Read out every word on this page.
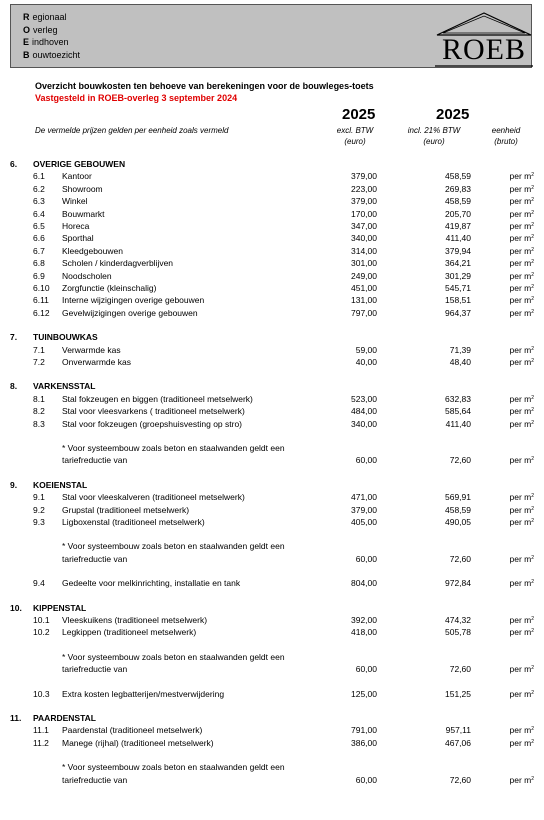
R egionaal
O verleg
E indhoven
B ouwtoezicht	ROEB
Overzicht bouwkosten ten behoeve van berekeningen voor de bouwleges-toets
Vastgesteld in ROEB-overleg 3 september 2024
2025	2025
excl. BTW
(euro)
incl. 21% BTW
(euro)
eenheid
(bruto)
De vermelde prijzen gelden per eenheid zoals vermeld
6. OVERIGE GEBOUWEN
6.1 Kantoor	379,00	458,59	per $m^2$
6.2 Showroom	223,00	269,83	per $m^2$
6.3 Winkel	379,00	458,59	per $m^2$
6.4 Bouwmarkt	170,00	205,70	per $m^2$
6.5 Horeca	347,00	419,87	per $m^2$
6.6 Sporthal	340,00	411,40	per $m^2$
6.7 Kleedgebouwen	314,00	379,94	per $m^2$
6.8 Scholen / kinderdagverblijven	301,00	364,21	per $m^2$
6.9 Noodscholen	249,00	301,29	per $m^2$
6.10 Zorgfunctie (kleinschalig)	451,00	545,71	per $m^2$
6.11 Interne wijzigingen overige gebouwen	131,00	158,51	per $m^2$
6.12 Gevelwijzigingen overige gebouwen	797,00	964,37	per $m^2$
7. TUINBOUWKAS
7.1 Verwarmde kas	59,00	71,39	per $m^2$
7.2 Onverwarmde kas	40,00	48,40	per $m^2$
8. VARKENSSTAL
8.1 Stal fokzeugen en biggen (traditioneel metselwerk)	523,00	632,83	per $m^2$
8.2 Stal voor vleesvarkens ( traditioneel metselwerk)	484,00	585,64	per $m^2$
8.3 Stal voor fokzeugen (groepshuisvesting op stro)	340,00	411,40	per $m^2$
* Voor systeembouw zoals beton en staalwanden geldt een
tariefreductie van	60,00	72,60	per $m^2$
9. KOEIENSTAL
9.1 Stal voor vleeskalveren (traditioneel metselwerk)	471,00	569,91	per $m^2$
9.2 Grupstal (traditioneel metselwerk)	379,00	458,59	per $m^2$
9.3 Ligboxenstal (traditioneel metselwerk)	405,00	490,05	per $m^2$
* Voor systeembouw zoals beton en staalwanden geldt een
tariefreductie van	60,00	72,60	per $m^2$
9.4 Gedeelte voor melkinrichting, installatie en tank	804,00	972,84	per $m^2$
10. KIPPENSTAL
10.1 Vleeskuikens (traditioneel metselwerk)	392,00	474,32	per $m^2$
10.2 Legkippen (traditioneel metselwerk)	418,00	505,78	per $m^2$
* Voor systeembouw zoals beton en staalwanden geldt een
tariefreductie van	60,00	72,60	per $m^2$
10.3 Extra kosten legbatterijen/mestverwijdering	125,00	151,25	per $m^2$
11. PAARDENSTAL
11.1 Paardenstal (traditioneel metselwerk)	791,00	957,11	per $m^2$
11.2 Manege (rijhal) (traditioneel metselwerk)	386,00	467,06	per $m^2$
* Voor systeembouw zoals beton en staalwanden geldt een
tariefreductie van	60,00	72,60	per $m^2$
